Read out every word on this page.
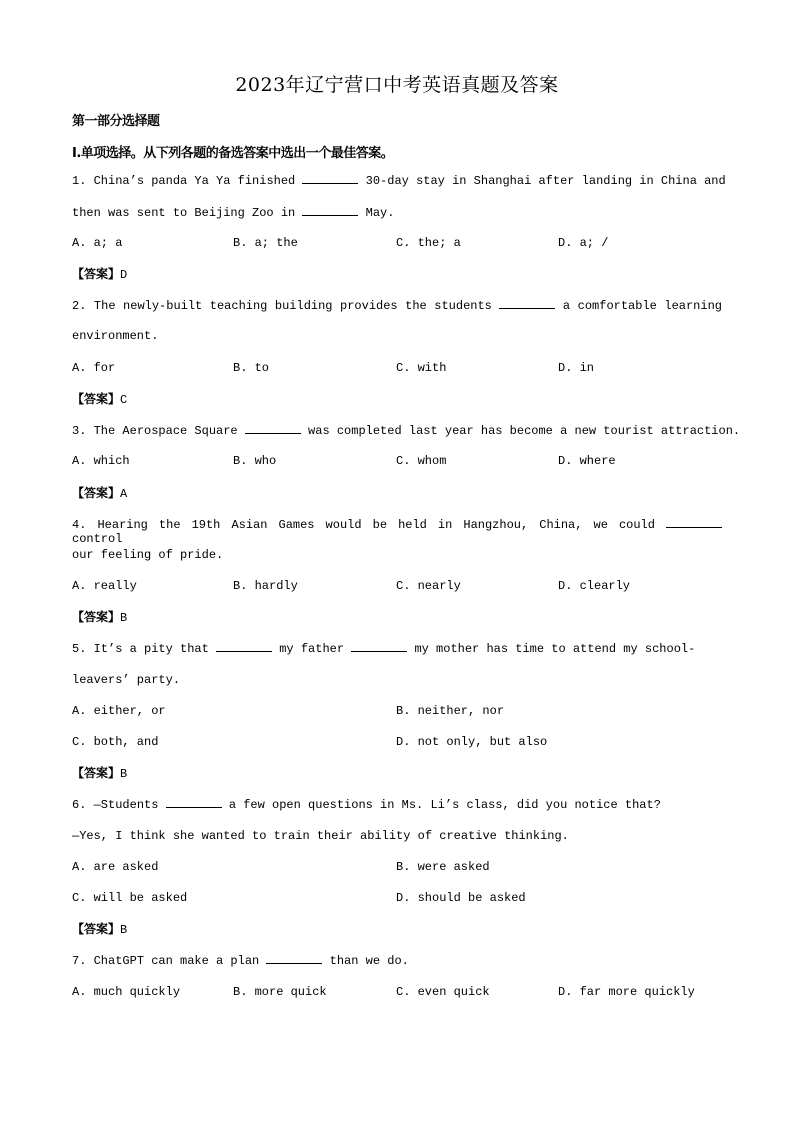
2023年辽宁营口中考英语真题及答案
第一部分选择题
Ⅰ.单项选择。从下列各题的备选答案中选出一个最佳答案。
1. China’s panda Ya Ya finished	30-day stay in Shanghai after landing in China and
then was sent to Beijing Zoo in	May.
A. a; a	B. a; the	C. the; a	D. a; /
【答案】D
2. The newly-built teaching building provides the students	a comfortable learning
environment.
A. for	B. to	C. with	D. in
【答案】C
3. The Aerospace Square	was completed last year has become a new tourist attraction.
A. which	B. who	C. whom	D. where
【答案】A
4. Hearing the 19th Asian Games would be held in Hangzhou, China, we could  control
our feeling of pride.
A. really	B. hardly	C. nearly	D. clearly
【答案】B
5. It’s a pity that	my father	my mother has time to attend my school-
leavers’ party.
A. either, or	B. neither, nor
C. both, and	D. not only, but also
【答案】B
6. —Students	a few open questions in Ms. Li’s class, did you notice that?
—Yes, I think she wanted to train their ability of creative thinking.
A. are asked	B. were asked
C. will be asked	D. should be asked
【答案】B
7. ChatGPT can make a plan	than we do.
A. much quickly	B. more quick	C. even quick	D. far more quickly
